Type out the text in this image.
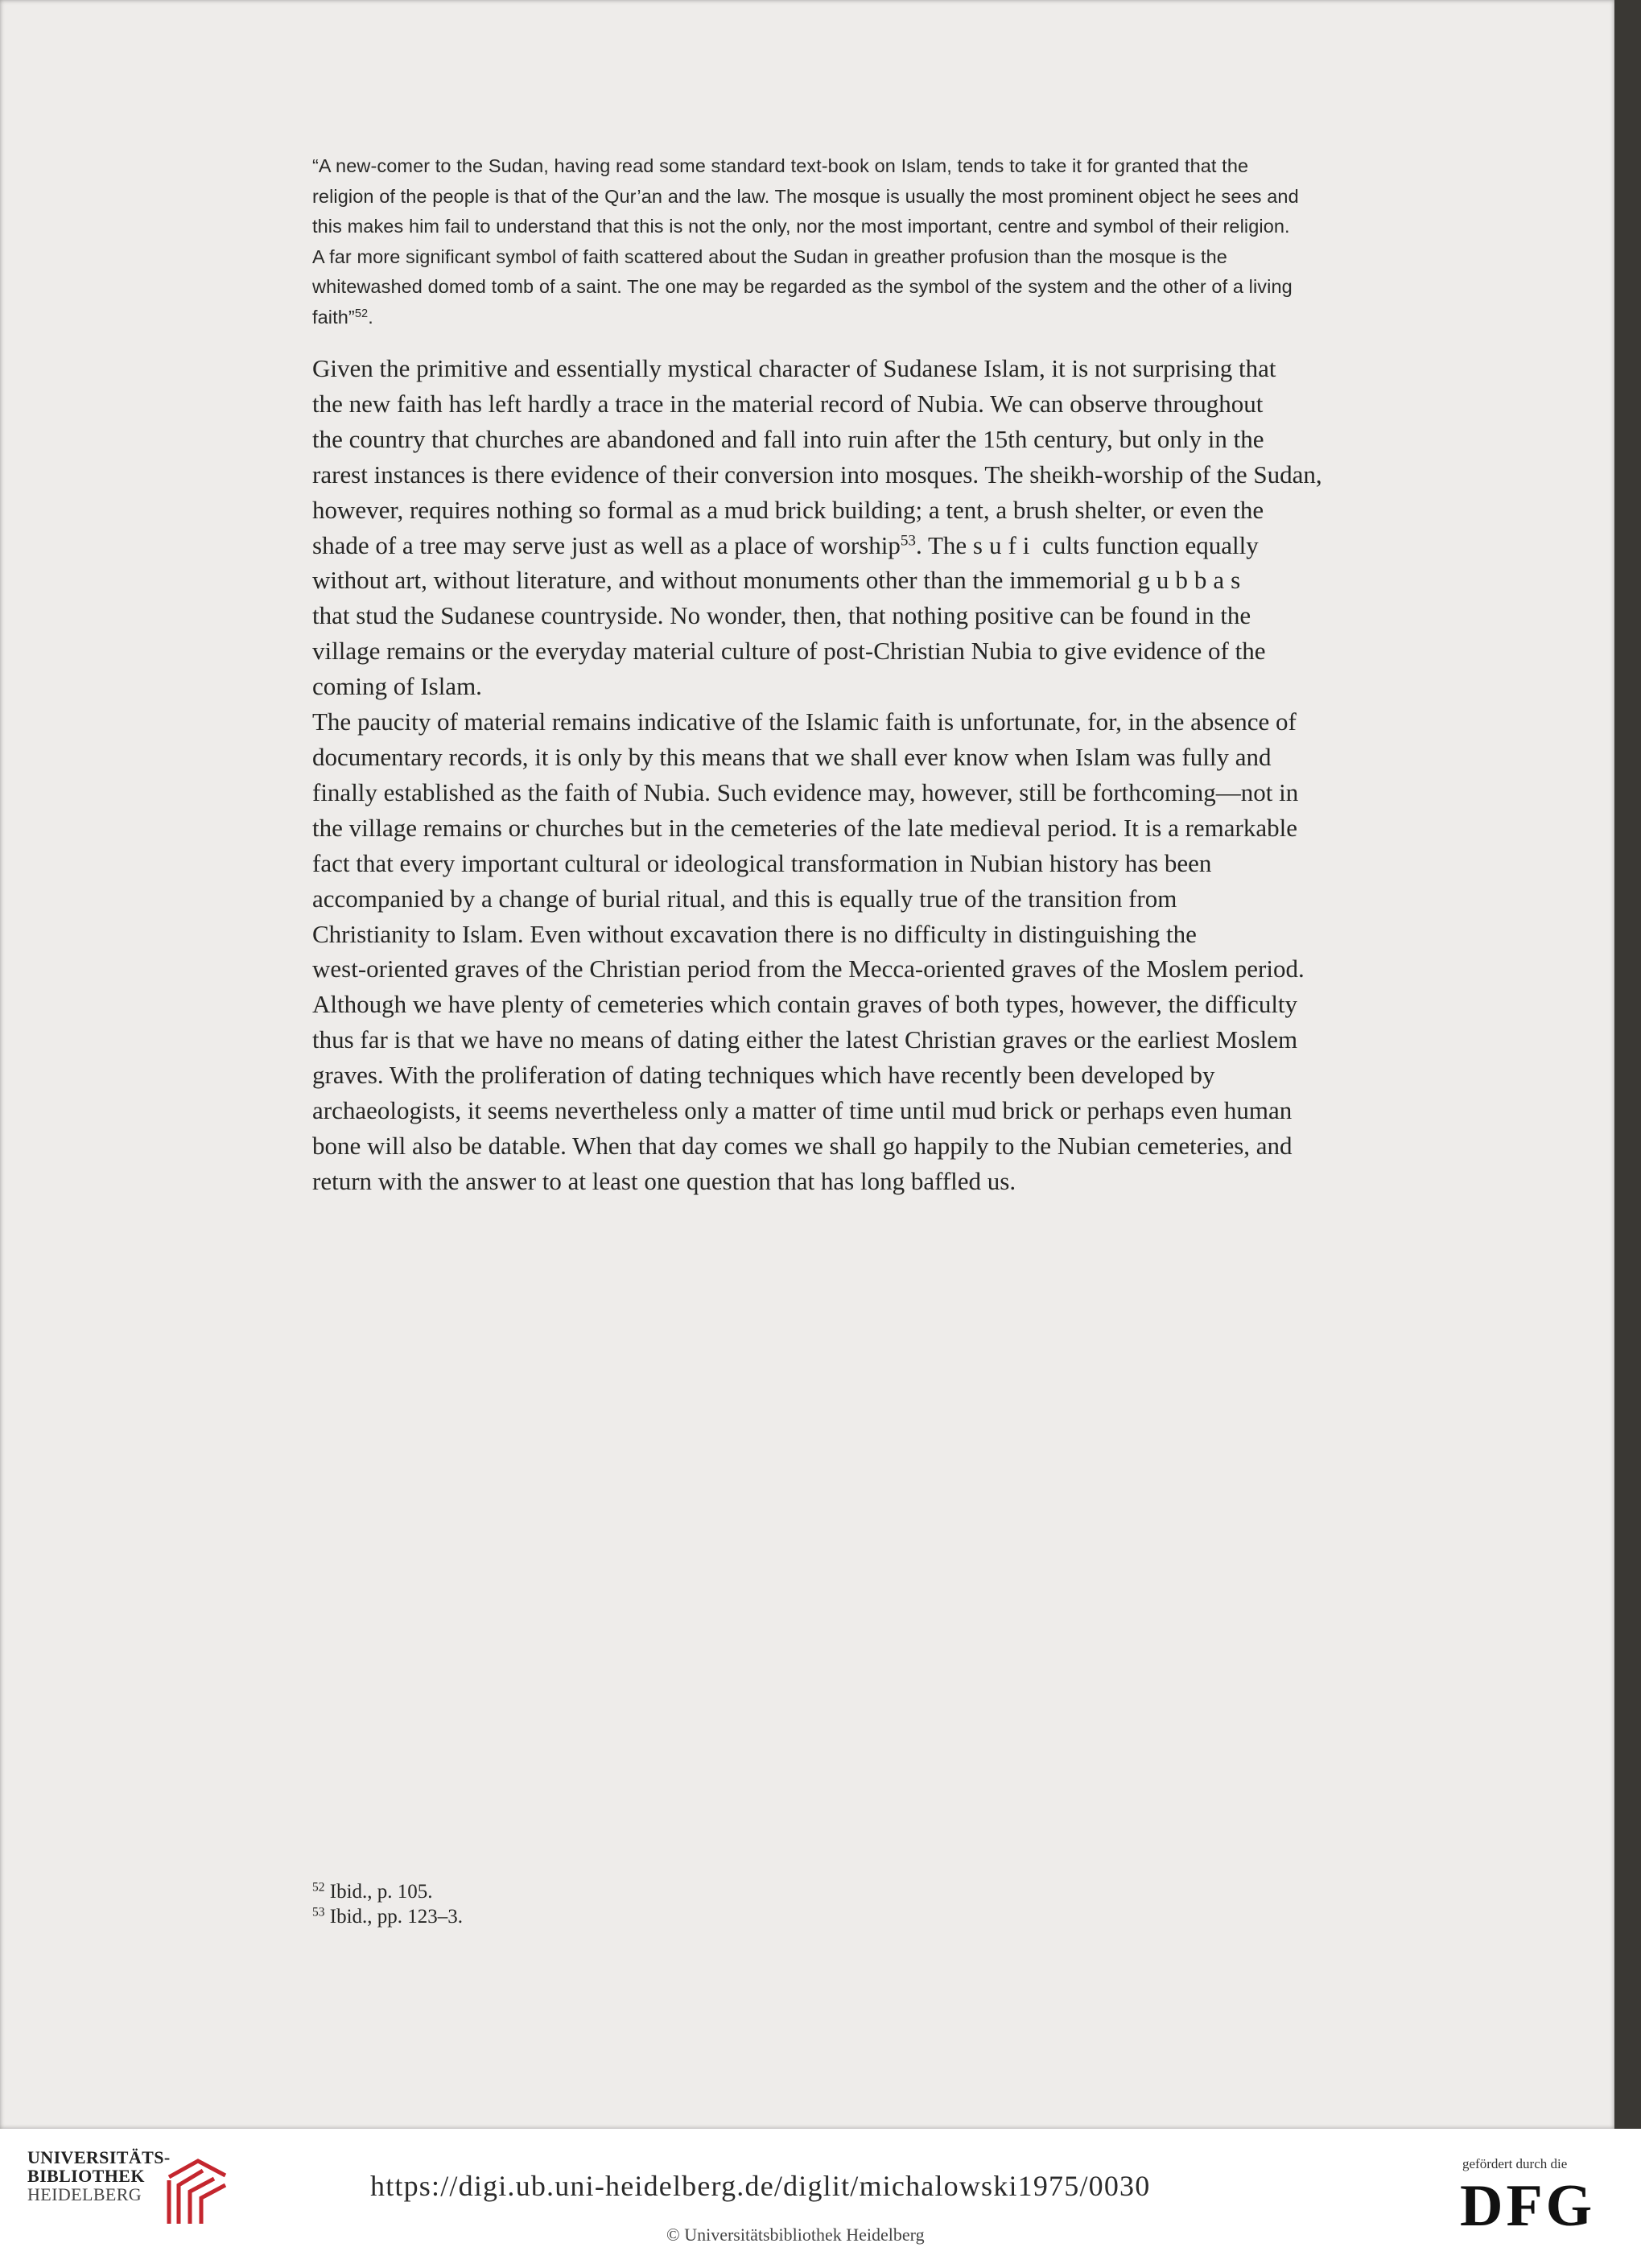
“A new-comer to the Sudan, having read some standard text-book on Islam, tends to take it for granted that the
religion of the people is that of the Qur’an and the law. The mosque is usually the most prominent object he sees and
this makes him fail to understand that this is not the only, nor the most important, centre and symbol of their religion.
A far more significant symbol of faith scattered about the Sudan in greather profusion than the mosque is the
whitewashed domed tomb of a saint. The one may be regarded as the symbol of the system and the other of a living
faith”$^{52}$.
Given the primitive and essentially mystical character of Sudanese Islam, it is not surprising that
the new faith has left hardly a trace in the material record of Nubia. We can observe throughout
the country that churches are abandoned and fall into ruin after the 15th century, but only in the
rarest instances is there evidence of their conversion into mosques. The sheikh-worship of the Sudan,
however, requires nothing so formal as a mud brick building; a tent, a brush shelter, or even the
shade of a tree may serve just as well as a place of worship$^{53}$. The sufi cults function equally
without art, without literature, and without monuments other than the immemorial gubbas
that stud the Sudanese countryside. No wonder, then, that nothing positive can be found in the
village remains or the everyday material culture of post-Christian Nubia to give evidence of the
coming of Islam.
The paucity of material remains indicative of the Islamic faith is unfortunate, for, in the absence of
documentary records, it is only by this means that we shall ever know when Islam was fully and
finally established as the faith of Nubia. Such evidence may, however, still be forthcoming—not in
the village remains or churches but in the cemeteries of the late medieval period. It is a remarkable
fact that every important cultural or ideological transformation in Nubian history has been
accompanied by a change of burial ritual, and this is equally true of the transition from
Christianity to Islam. Even without excavation there is no difficulty in distinguishing the
west-oriented graves of the Christian period from the Mecca-oriented graves of the Moslem period.
Although we have plenty of cemeteries which contain graves of both types, however, the difficulty
thus far is that we have no means of dating either the latest Christian graves or the earliest Moslem
graves. With the proliferation of dating techniques which have recently been developed by
archaeologists, it seems nevertheless only a matter of time until mud brick or perhaps even human
bone will also be datable. When that day comes we shall go happily to the Nubian cemeteries, and
return with the answer to at least one question that has long baffled us.
$^{52}$ Ibid., p. 105.
$^{53}$ Ibid., pp. 123–3.
UNIVERSITÄTS-
BIBLIOTHEK
HEIDELBERG	https://digi.ub.uni-heidelberg.de/diglit/michalowski1975/0030
© Universitätsbibliothek Heidelberg
gefördert durch die
DFG
